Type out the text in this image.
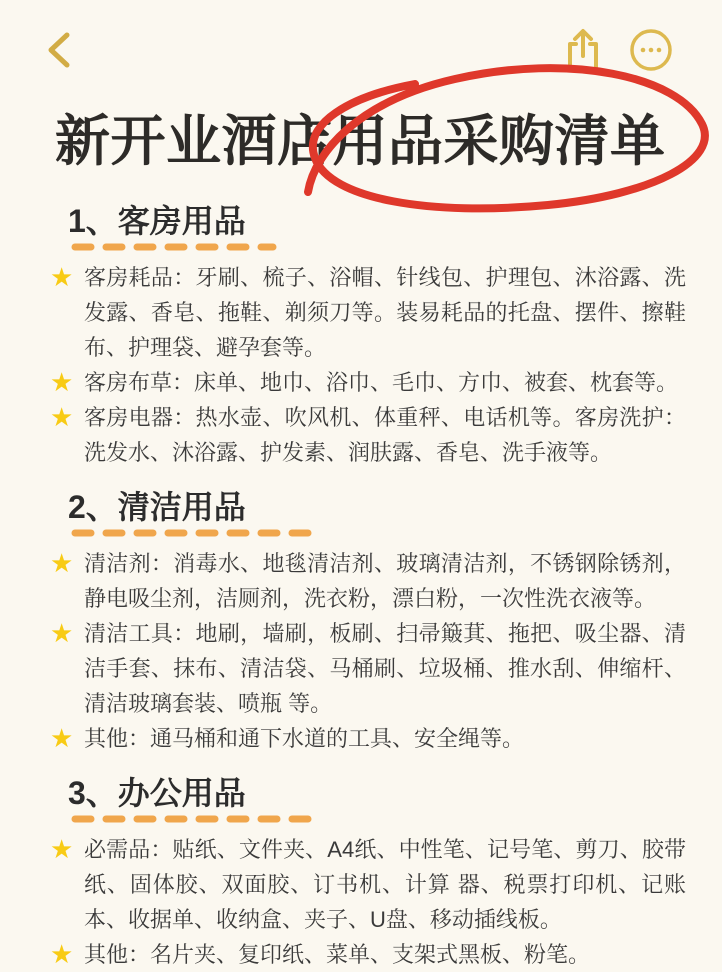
新开业酒店用品采购清单
1、客房用品
★ 客房耗品：牙刷、梳子、浴帽、针线包、护理包、沐浴露、洗发露、香皂、拖鞋、剃须刀等。装易耗品的托盘、摆件、擦鞋布、护理袋、避孕套等。

★ 客房布草：床单、地巾、浴巾、毛巾、方巾、被套、枕套等。

★ 客房电器：热水壶、吹风机、体重秤、电话机等。客房洗护：洗发水、沐浴露、护发素、润肤露、香皂、洗手液等。

2、清洁用品
★ 清洁剂：消毒水、地毯清洁剂、玻璃清洁剂，不锈钢除锈剂，静电吸尘剂，洁厕剂，洗衣粉，漂白粉，一次性洗衣液等。

★ 清洁工具：地刷，墙刷，板刷、扫帚簸萁、拖把、吸尘器、清洁手套、抹布、清洁袋、马桶刷、垃圾桶、推水刮、伸缩杆、清洁玻璃套装、喷瓶 等。

★ 其他：通马桶和通下水道的工具、安全绳等。

3、办公用品
★ 必需品：贴纸、文件夹、A4纸、中性笔、记号笔、剪刀、胶带纸、固体胶、双面胶、订书机、计算 器、税票打印机、记账本、收据单、收纳盒、夹子、U盘、移动插线板。

★ 其他：名片夹、复印纸、菜单、支架式黑板、粉笔。
